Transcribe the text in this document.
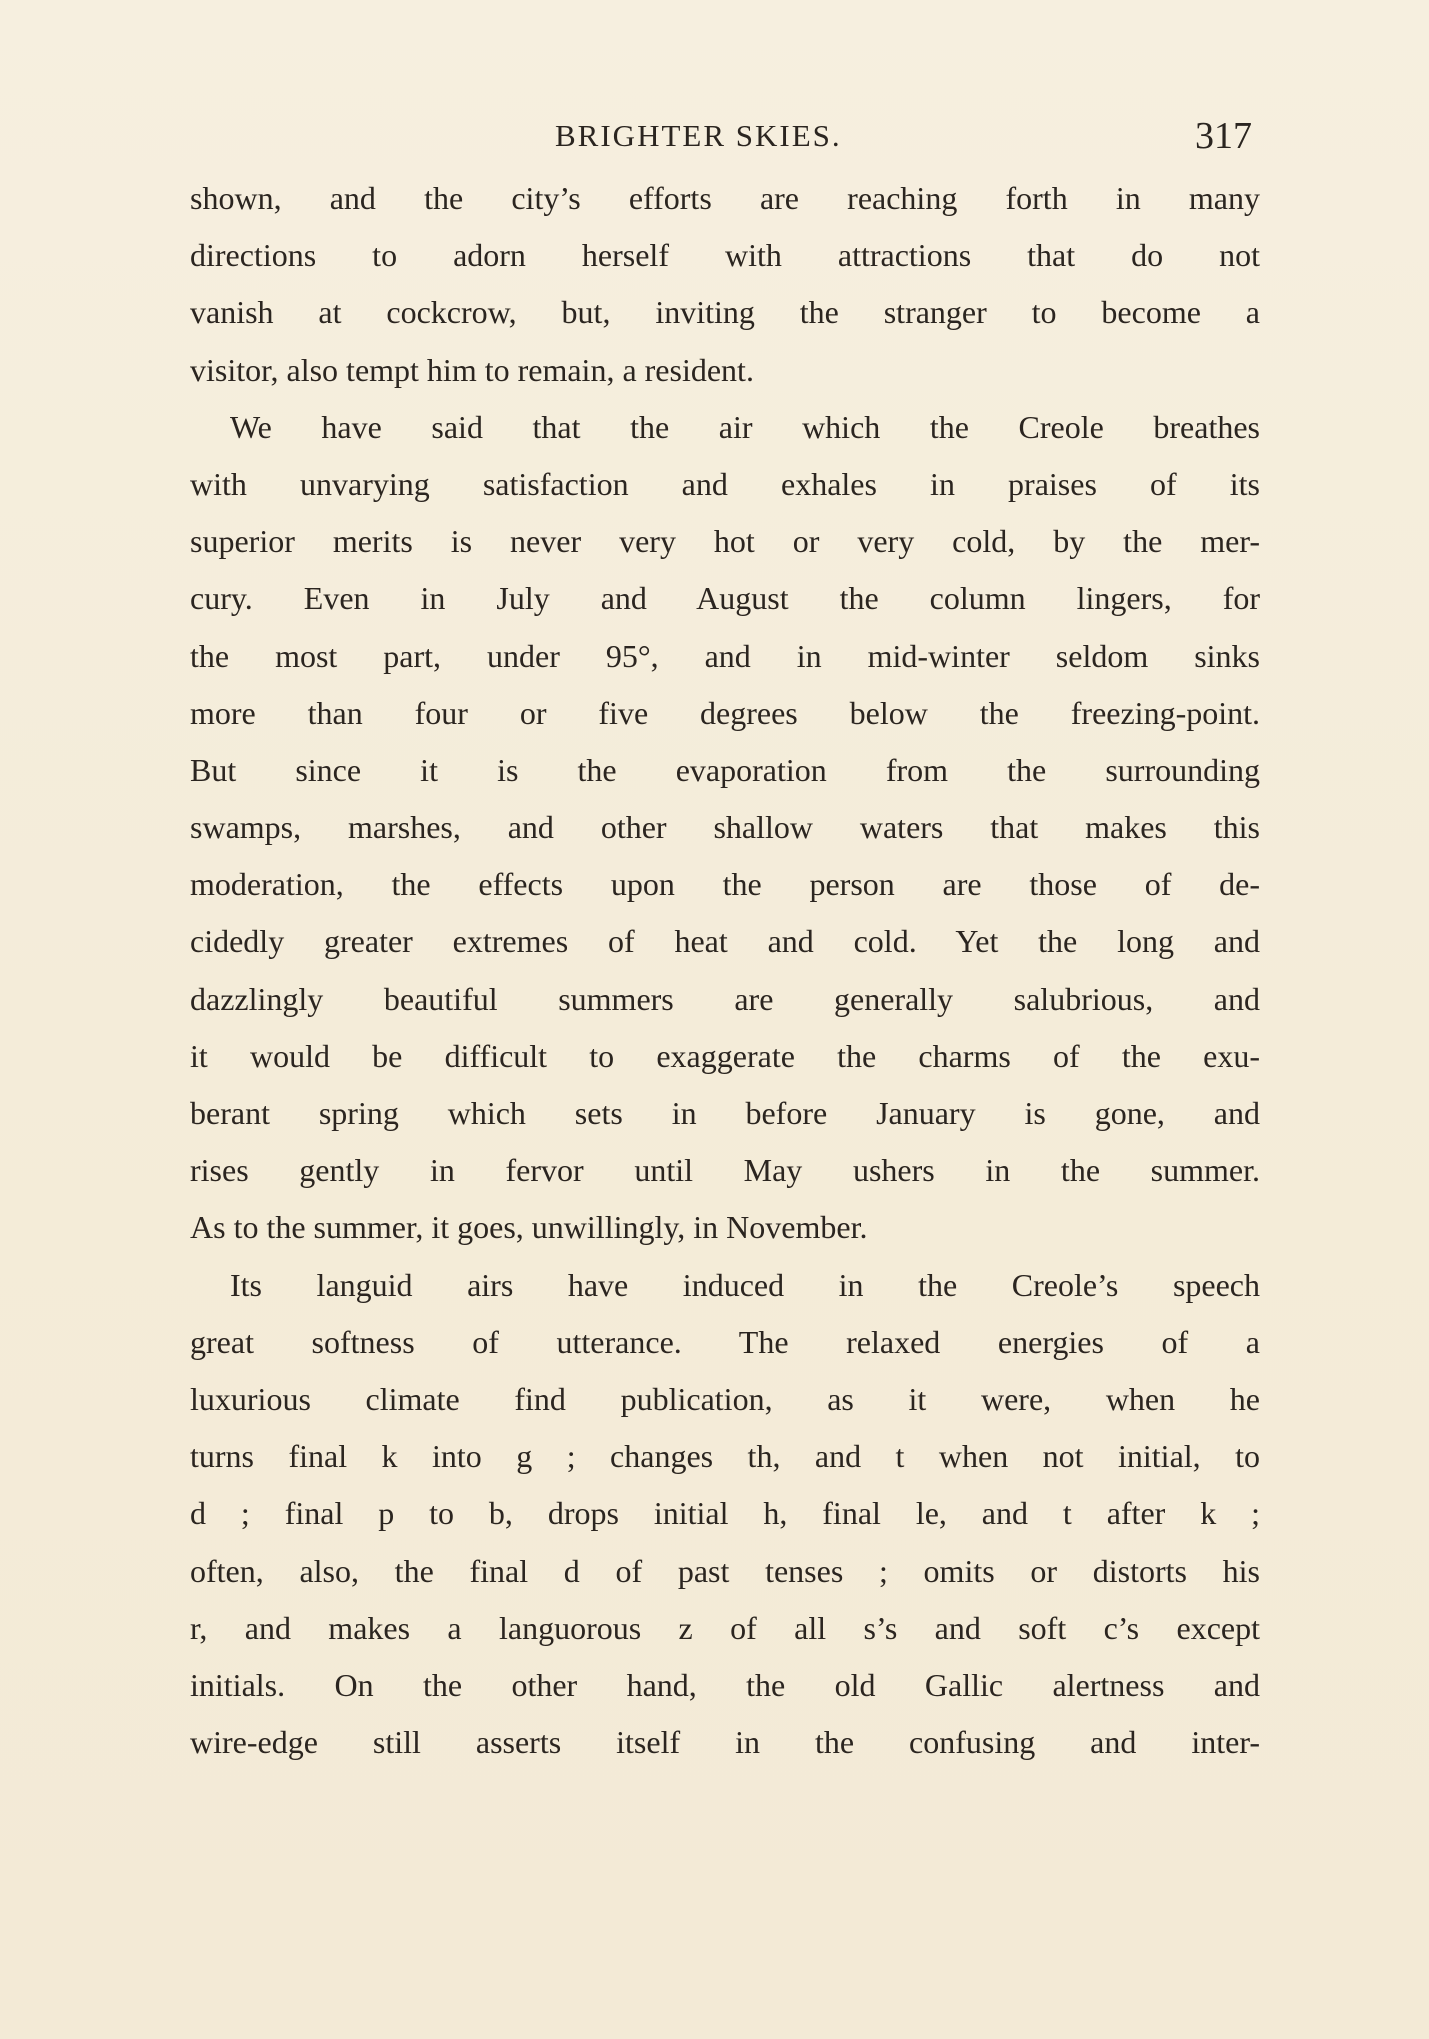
BRIGHTER SKIES.	317
shown, and the city’s efforts are reaching forth in many
directions to adorn herself with attractions that do not
vanish at cockcrow, but, inviting the stranger to become a
visitor, also tempt him to remain, a resident.
We have said that the air which the Creole breathes
with unvarying satisfaction and exhales in praises of its
superior merits is never very hot or very cold, by the mer-
cury. Even in July and August the column lingers, for
the most part, under 95°, and in mid-winter seldom sinks
more than four or five degrees below the freezing-point.
But since it is the evaporation from the surrounding
swamps, marshes, and other shallow waters that makes this
moderation, the effects upon the person are those of de-
cidedly greater extremes of heat and cold. Yet the long and
dazzlingly beautiful summers are generally salubrious, and
it would be difficult to exaggerate the charms of the exu-
berant spring which sets in before January is gone, and
rises gently in fervor until May ushers in the summer.
As to the summer, it goes, unwillingly, in November.
Its languid airs have induced in the Creole’s speech
great softness of utterance. The relaxed energies of a
luxurious climate find publication, as it were, when he
turns final k into g ; changes th, and t when not initial, to
d ; final p to b, drops initial h, final le, and t after k ;
often, also, the final d of past tenses ; omits or distorts his
r, and makes a languorous z of all s’s and soft c’s except
initials. On the other hand, the old Gallic alertness and
wire-edge still asserts itself in the confusing and inter-
